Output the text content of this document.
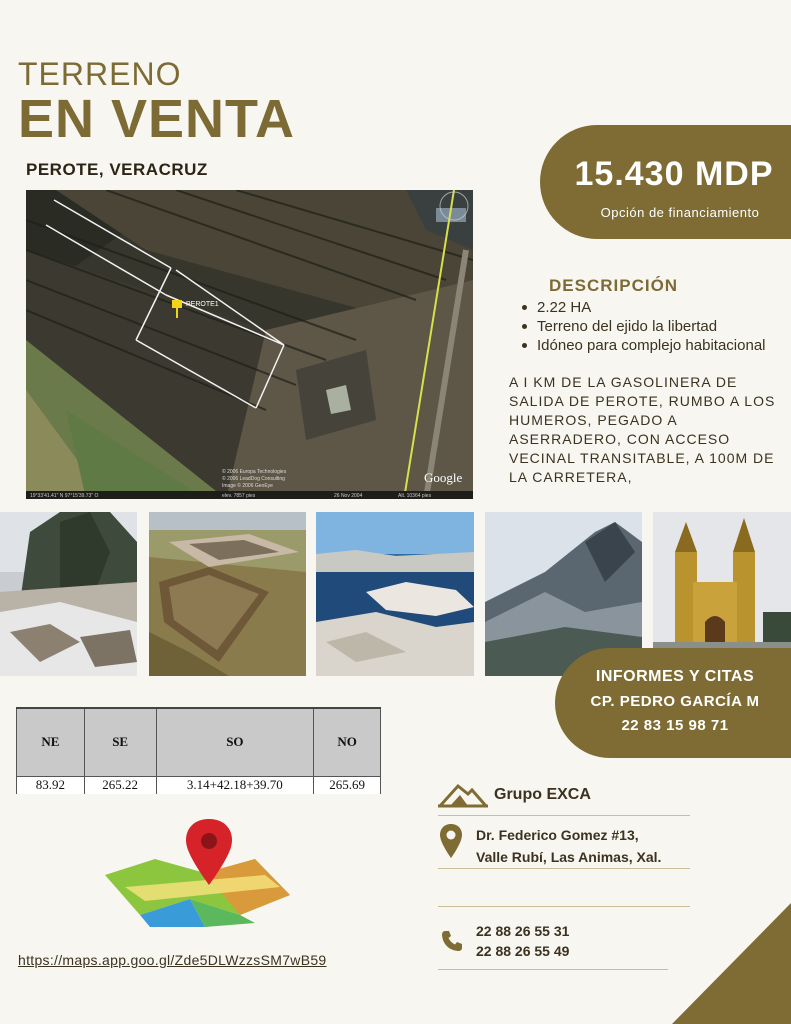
TERRENO
EN VENTA
PEROTE, VERACRUZ
PEROTE1
© 2006 Europa Technologies
© 2006 LeadDog Consulting
Image © 2006 GeoEye
Google
19°33'41.41" N 97°15'39.73" O	elev. 7857 pies	26 Nov 2004	Alt. 10364 pies
15.430 MDP
Opción de financiamiento
DESCRIPCIÓN
2.22 HA
Terreno del ejido la libertad
Idóneo para complejo habitacional
A I KM DE LA GASOLINERA DE SALIDA DE PEROTE, RUMBO A LOS HUMEROS, PEGADO A ASERRADERO, CON ACCESO VECINAL TRANSITABLE, A 100M DE LA CARRETERA,
INFORMES Y CITAS
CP. PEDRO GARCÍA M
22 83 15 98 71
NE	SE	SO	NO
83.92	265.22	3.14+42.18+39.70	265.69
https://maps.app.goo.gl/Zde5DLWzzsSM7wB59
Grupo EXCA
Dr. Federico Gomez #13,
Valle Rubí, Las Animas, Xal.
22 88 26 55 31
22 88 26 55 49
